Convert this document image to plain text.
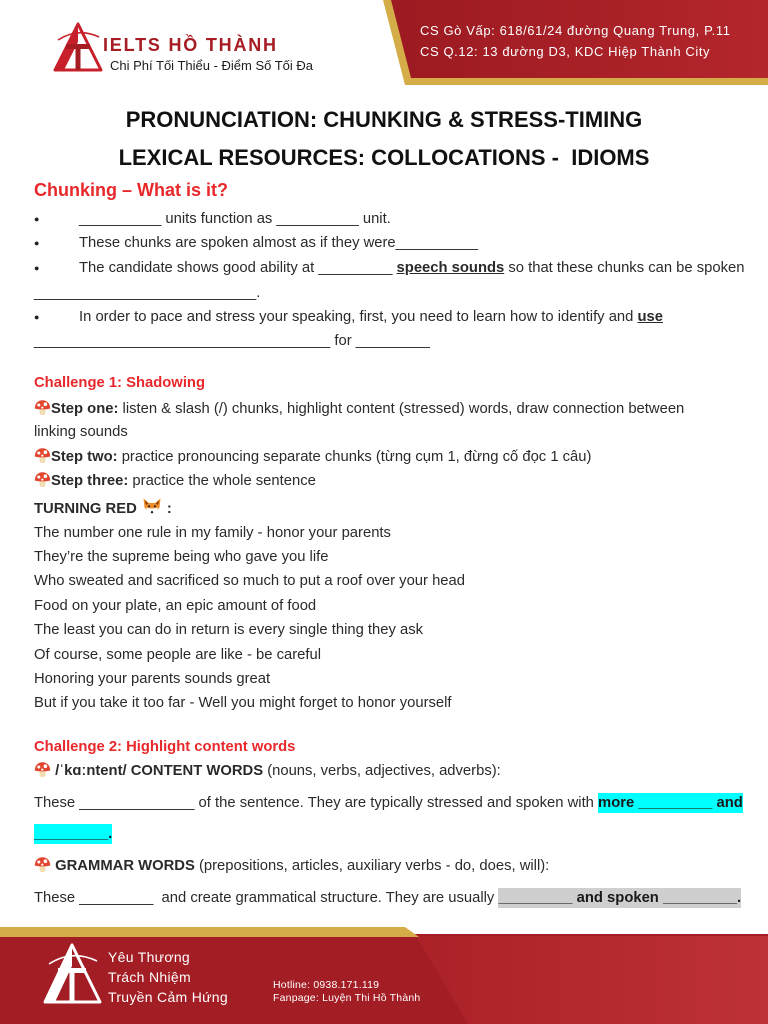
IELTS HỒ THÀNH
Chi Phí Tối Thiểu - Điểm Số Tối Đa
CS Gò Vấp: 618/61/24 đường Quang Trung, P.11
CS Q.12: 13 đường D3, KDC Hiệp Thành City
PRONUNCIATION: CHUNKING & STRESS-TIMING
LEXICAL RESOURCES: COLLOCATIONS -  IDIOMS
Chunking – What is it?
●	__________ units function as __________ unit.
●	These chunks are spoken almost as if they were__________
●	The candidate shows good ability at _________ speech sounds so that these chunks can be spoken
___________________________.
●	In order to pace and stress your speaking, first, you need to learn how to identify and use
____________________________________ for _________
Challenge 1: Shadowing
Step one: listen & slash (/) chunks, highlight content (stressed) words, draw connection between
linking sounds
Step two: practice pronouncing separate chunks (từng cụm 1, đừng cố đọc 1 câu)
Step three: practice the whole sentence
TURNING RED :
The number one rule in my family - honor your parents
They’re the supreme being who gave you life
Who sweated and sacrificed so much to put a roof over your head
Food on your plate, an epic amount of food
The least you can do in return is every single thing they ask
Of course, some people are like - be careful
Honoring your parents sounds great
But if you take it too far - Well you might forget to honor yourself
Challenge 2: Highlight content words
/ˈkɑːntent/ CONTENT WORDS (nouns, verbs, adjectives, adverbs):
These ______________ of the sentence. They are typically stressed and spoken with more _________ and
_________.
GRAMMAR WORDS (prepositions, articles, auxiliary verbs - do, does, will):
These _________  and create grammatical structure. They are usually _________ and spoken _________.
Yêu Thương
Trách Nhiệm
Truyền Cảm Hứng
Hotline: 0938.171.119
Fanpage: Luyện Thi Hồ Thành
